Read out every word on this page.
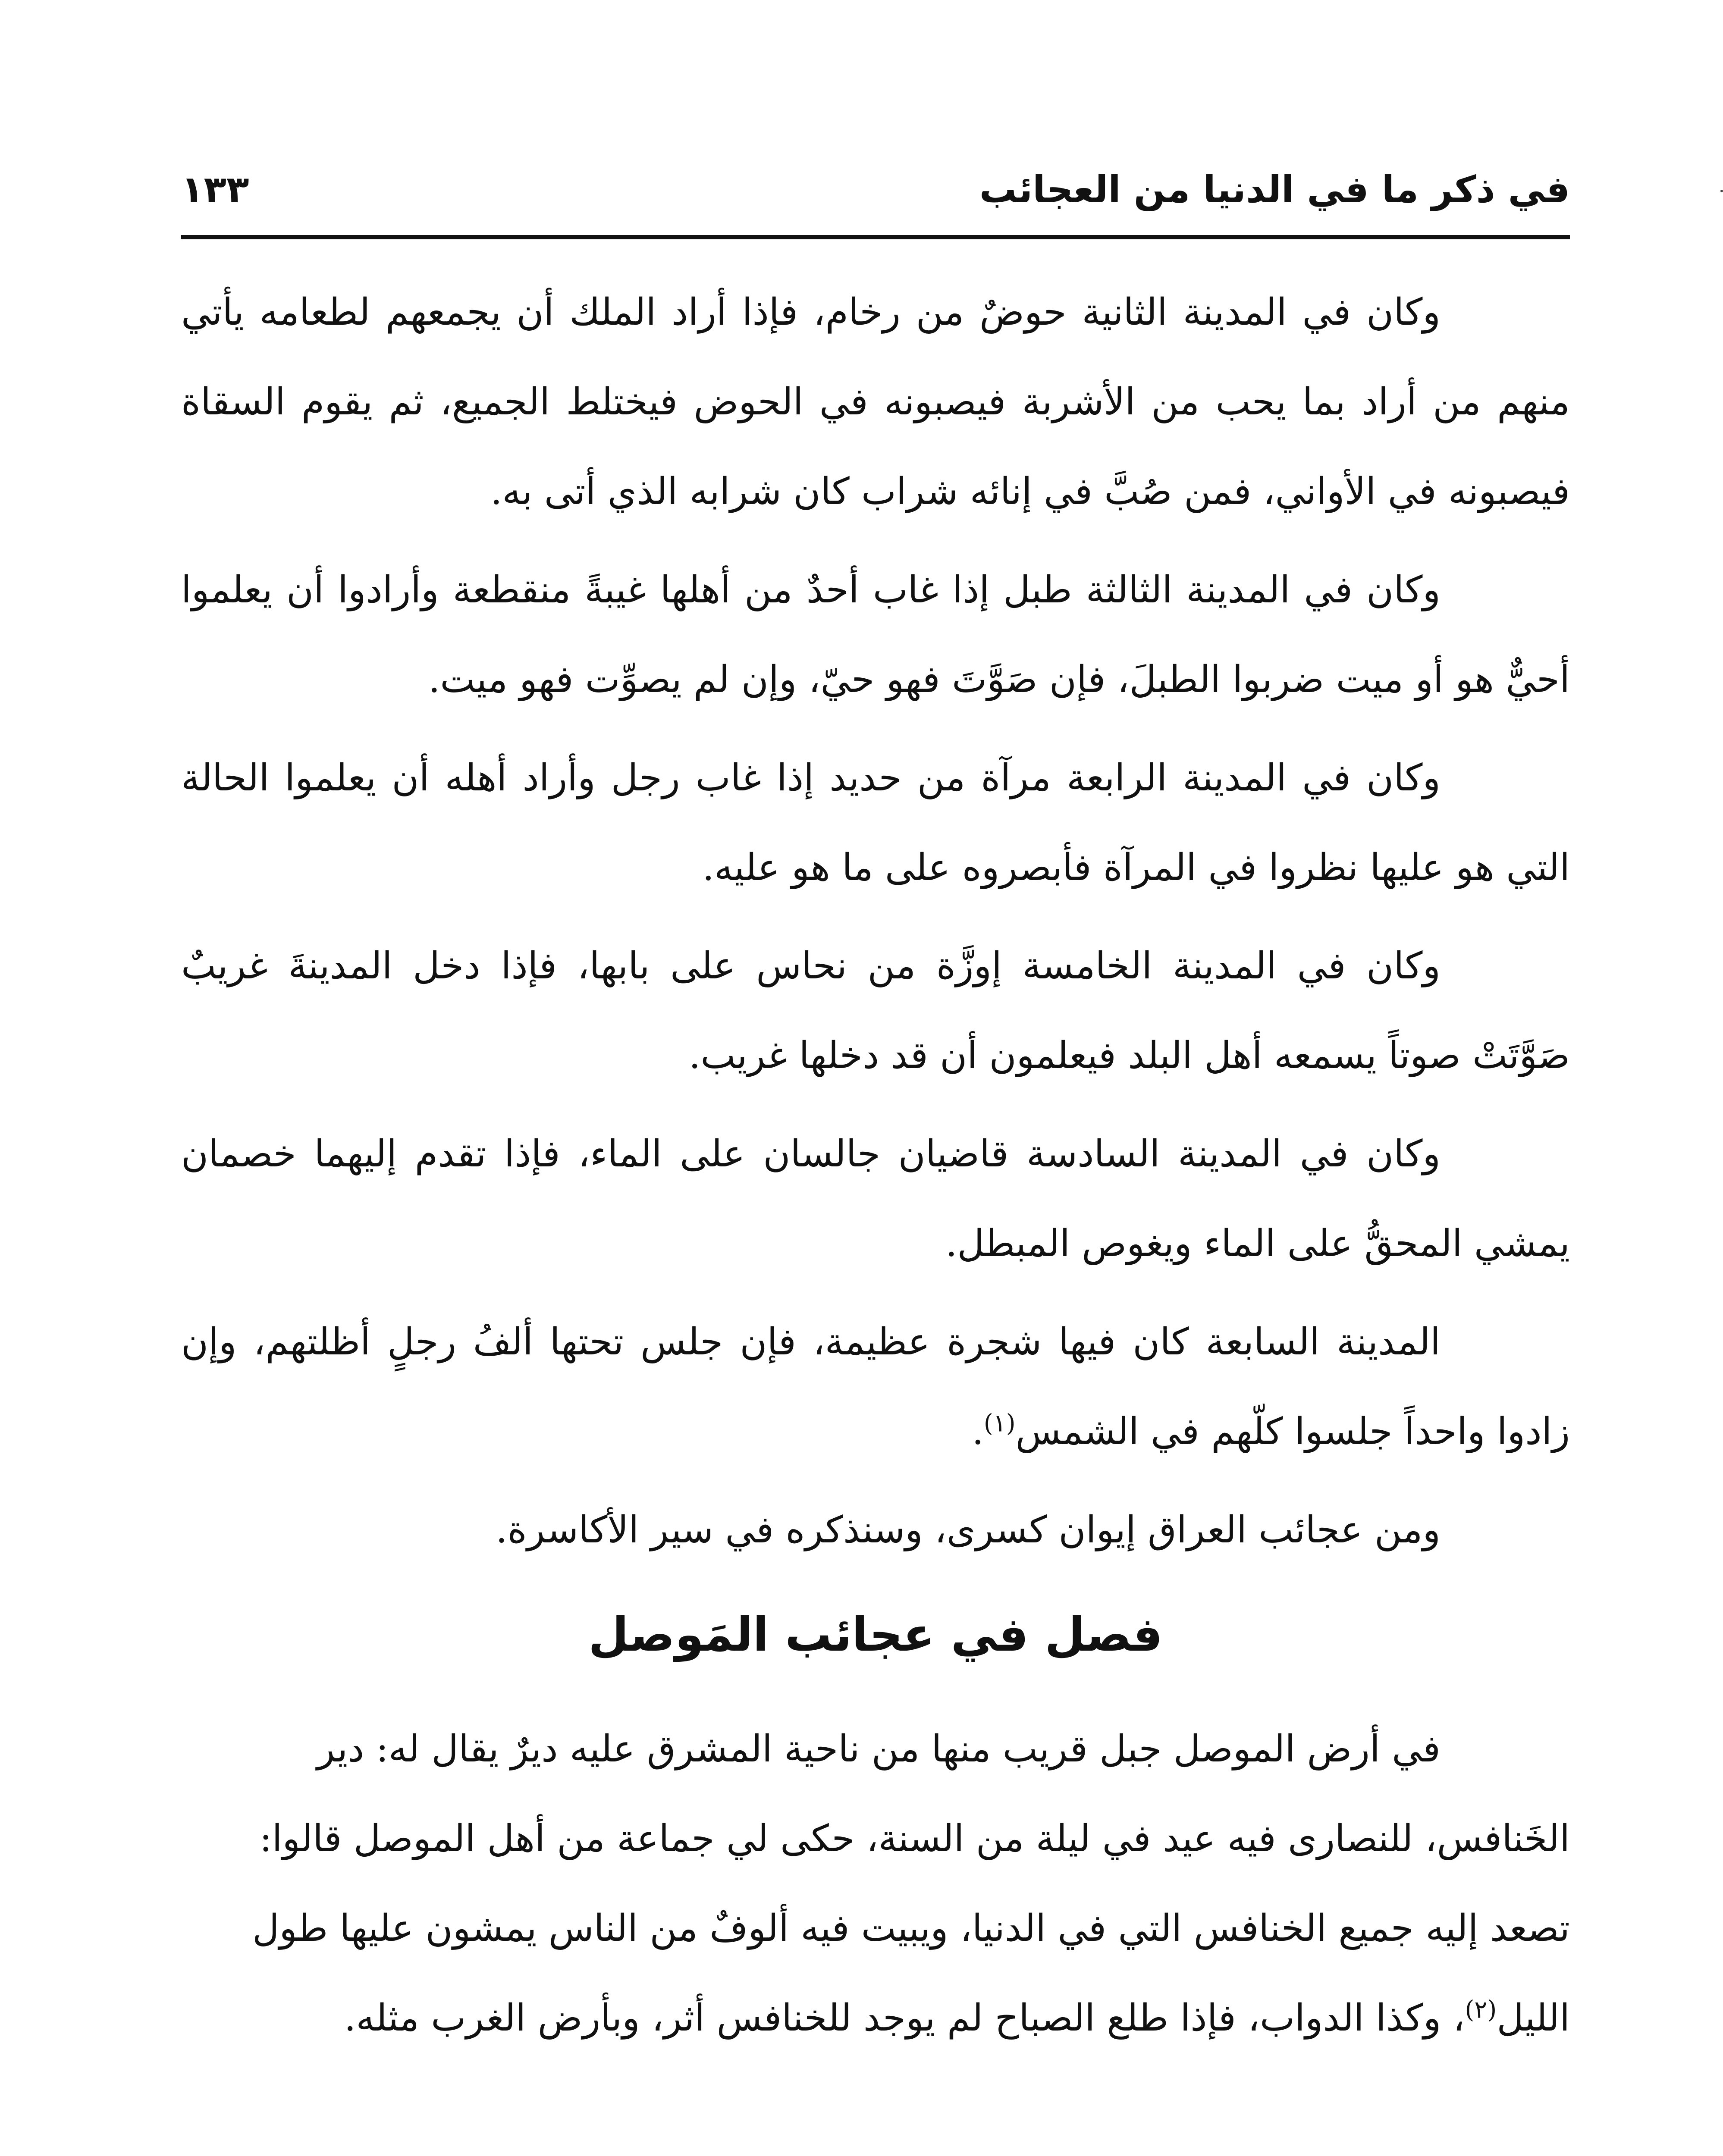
في ذكر ما في الدنيا من العجائب
١٣٣

وكان في المدينة الثانية حوضٌ من رخام، فإذا أراد الملك أن يجمعهم لطعامه يأتي منهم من أراد بما يحب من الأشربة فيصبونه في الحوض فيختلط الجميع، ثم يقوم السقاة فيصبونه في الأواني، فمن صُبَّ في إنائه شراب كان شرابه الذي أتى به.

وكان في المدينة الثالثة طبل إذا غاب أحدٌ من أهلها غيبةً منقطعة وأرادوا أن يعلموا أحيٌّ هو أو ميت ضربوا الطبلَ، فإن صَوَّتَ فهو حيّ، وإن لم يصوِّت فهو ميت.

وكان في المدينة الرابعة مرآة من حديد إذا غاب رجل وأراد أهله أن يعلموا الحالة التي هو عليها نظروا في المرآة فأبصروه على ما هو عليه.

وكان في المدينة الخامسة إوزَّة من نحاس على بابها، فإذا دخل المدينةَ غريبٌ صَوَّتَتْ صوتاً يسمعه أهل البلد فيعلمون أن قد دخلها غريب.

وكان في المدينة السادسة قاضيان جالسان على الماء، فإذا تقدم إليهما خصمان يمشي المحقُّ على الماء ويغوص المبطل.

المدينة السابعة كان فيها شجرة عظيمة، فإن جلس تحتها ألفُ رجلٍ أظلتهم، وإن زادوا واحداً جلسوا كلّهم في الشمس$^{(١)}$.

ومن عجائب العراق إيوان كسرى، وسنذكره في سير الأكاسرة.

فصل في عجائب المَوصل

في أرض الموصل جبل قريب منها من ناحية المشرق عليه ديرٌ يقال له: دير الخَنافس، للنصارى فيه عيد في ليلة من السنة، حكى لي جماعة من أهل الموصل قالوا: تصعد إليه جميع الخنافس التي في الدنيا، ويبيت فيه ألوفٌ من الناس يمشون عليها طول الليل$^{(٢)}$، وكذا الدواب، فإذا طلع الصباح لم يوجد للخنافس أثر، وبأرض الغرب مثله.
